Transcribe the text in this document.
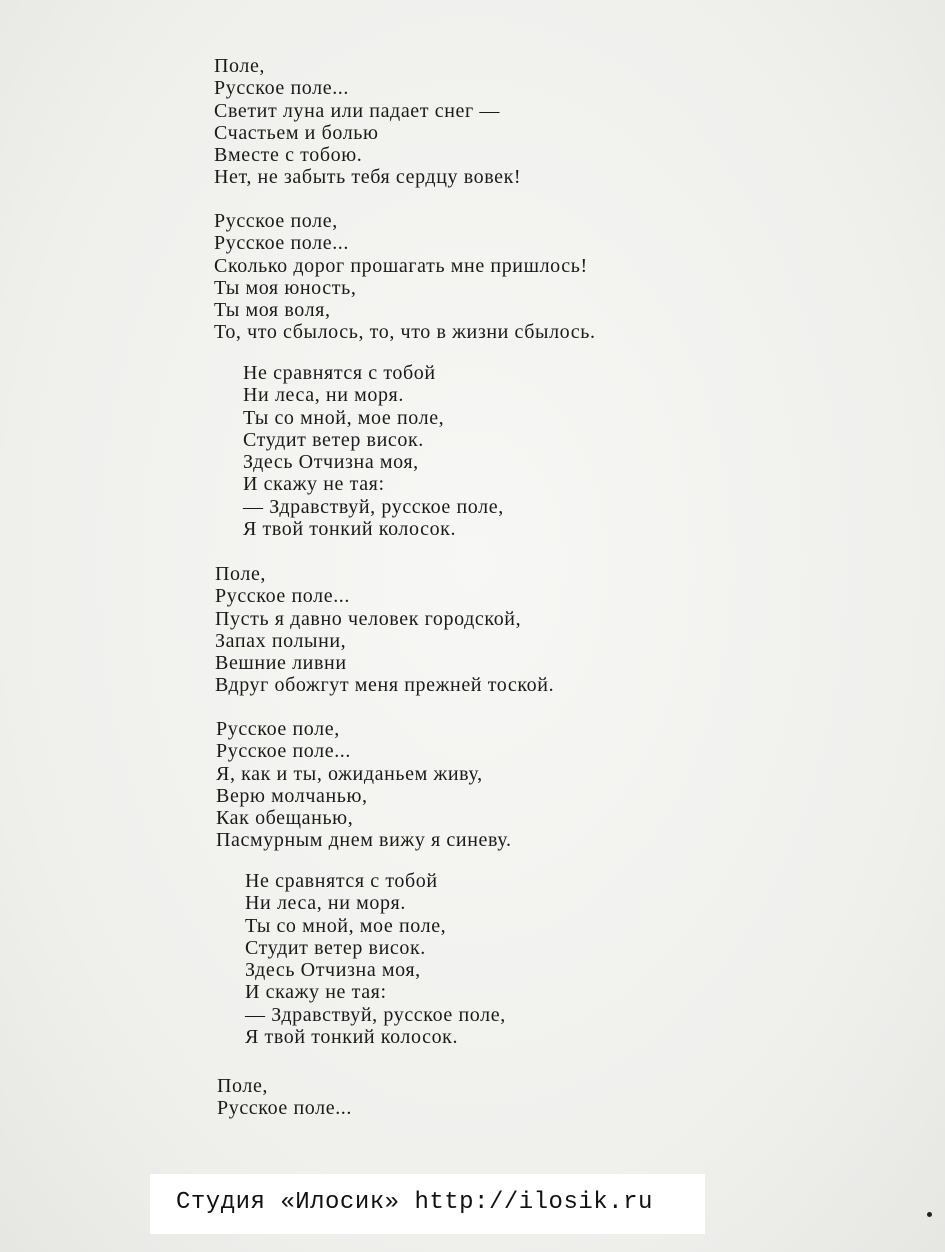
Поле,
Русское поле...
Светит луна или падает снег —
Счастьем и болью
Вместе с тобою.
Нет, не забыть тебя сердцу вовек!
Русское поле,
Русское поле...
Сколько дорог прошагать мне пришлось!
Ты моя юность,
Ты моя воля,
То, что сбылось, то, что в жизни сбылось.
Не сравнятся с тобой
Ни леса, ни моря.
Ты со мной, мое поле,
Студит ветер висок.
Здесь Отчизна моя,
И скажу не тая:
— Здравствуй, русское поле,
Я твой тонкий колосок.
Поле,
Русское поле...
Пусть я давно человек городской,
Запах полыни,
Вешние ливни
Вдруг обожгут меня прежней тоской.
Русское поле,
Русское поле...
Я, как и ты, ожиданьем живу,
Верю молчанью,
Как обещанью,
Пасмурным днем вижу я синеву.
Не сравнятся с тобой
Ни леса, ни моря.
Ты со мной, мое поле,
Студит ветер висок.
Здесь Отчизна моя,
И скажу не тая:
— Здравствуй, русское поле,
Я твой тонкий колосок.
Поле,
Русское поле...
Студия «Илосик» http://ilosik.ru
